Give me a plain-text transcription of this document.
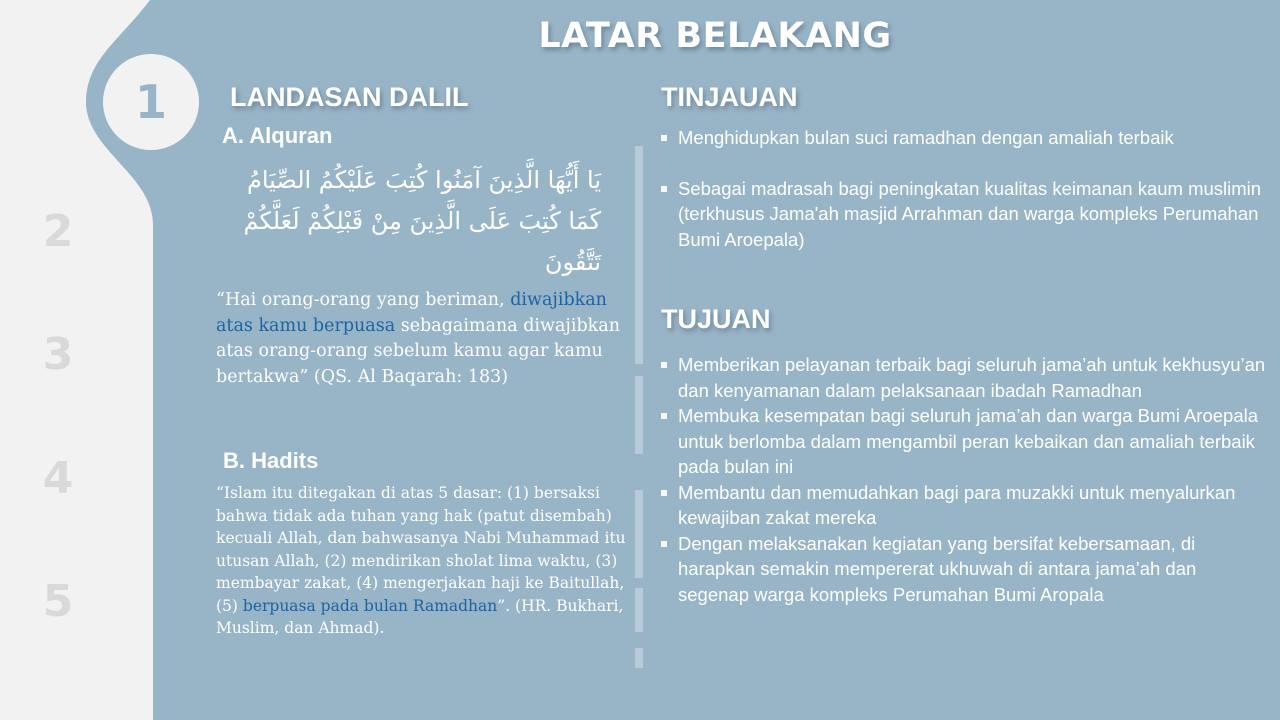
1
2
3
4
5
LATAR BELAKANG
LANDASAN DALIL
A. Alquran
يَا أَيُّهَا الَّذِينَ آمَنُوا كُتِبَ عَلَيْكُمُ الصِّيَامُ كَمَا كُتِبَ عَلَى الَّذِينَ مِنْ قَبْلِكُمْ لَعَلَّكُمْ تَتَّقُونَ

“Hai orang-orang yang beriman, diwajibkan atas kamu berpuasa sebagaimana diwajibkan atas orang-orang sebelum kamu agar kamu bertakwa” (QS. Al Baqarah: 183)

B. Hadits

“Islam itu ditegakan di atas 5 dasar: (1) bersaksi bahwa tidak ada tuhan yang hak (patut disembah) kecuali Allah, dan bahwasanya Nabi Muhammad itu utusan Allah, (2) mendirikan sholat lima waktu, (3) membayar zakat, (4) mengerjakan haji ke Baitullah, (5) berpuasa pada bulan Ramadhan”. (HR. Bukhari, Muslim, dan Ahmad).

TINJAUAN
Menghidupkan bulan suci ramadhan dengan amaliah terbaik
Sebagai madrasah bagi peningkatan kualitas keimanan kaum muslimin (terkhusus Jama'ah masjid Arrahman dan warga kompleks Perumahan Bumi Aroepala)
TUJUAN
Memberikan pelayanan terbaik bagi seluruh jama’ah untuk kekhusyu’an dan kenyamanan dalam pelaksanaan ibadah Ramadhan
Membuka kesempatan bagi seluruh jama’ah dan warga Bumi Aroepala untuk berlomba dalam mengambil peran kebaikan dan amaliah terbaik pada bulan ini
Membantu dan memudahkan bagi para muzakki untuk menyalurkan kewajiban zakat mereka
Dengan melaksanakan kegiatan yang bersifat kebersamaan, di harapkan semakin mempererat ukhuwah di antara jama’ah dan segenap warga kompleks Perumahan Bumi Aropala
